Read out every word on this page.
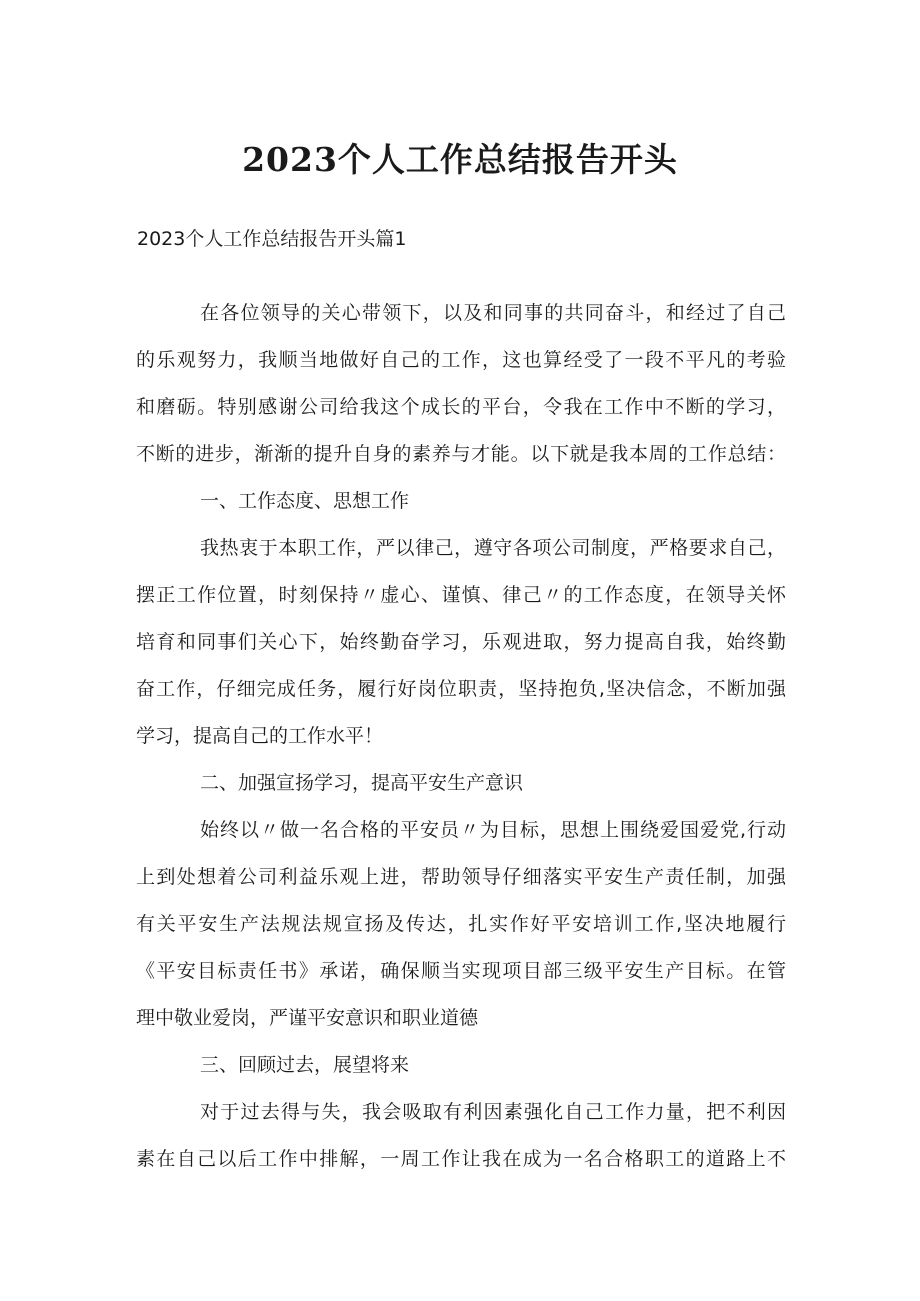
2023个人工作总结报告开头

2023个人工作总结报告开头篇1

在各位领导的关心带领下，以及和同事的共同奋斗，和经过了自己

的乐观努力，我顺当地做好自己的工作，这也算经受了一段不平凡的考验

和磨砺。特别感谢公司给我这个成长的平台，令我在工作中不断的学习，

不断的进步，渐渐的提升自身的素养与才能。以下就是我本周的工作总结：

一、工作态度、思想工作

我热衷于本职工作，严以律己，遵守各项公司制度，严格要求自己，

摆正工作位置，时刻保持〃虚心、谨慎、律己〃的工作态度，在领导关怀

培育和同事们关心下，始终勤奋学习，乐观进取，努力提高自我，始终勤

奋工作，仔细完成任务，履行好岗位职责，坚持抱负,坚决信念，不断加强

学习，提高自己的工作水平！

二、加强宣扬学习，提高平安生产意识

始终以〃做一名合格的平安员〃为目标，思想上围绕爱国爱党,行动

上到处想着公司利益乐观上进，帮助领导仔细落实平安生产责任制，加强

有关平安生产法规法规宣扬及传达，扎实作好平安培训工作,坚决地履行

《平安目标责任书》承诺，确保顺当实现项目部三级平安生产目标。在管

理中敬业爱岗，严谨平安意识和职业道德

三、回顾过去，展望将来

对于过去得与失，我会吸取有利因素强化自己工作力量，把不利因

素在自己以后工作中排解，一周工作让我在成为一名合格职工的道路上不
